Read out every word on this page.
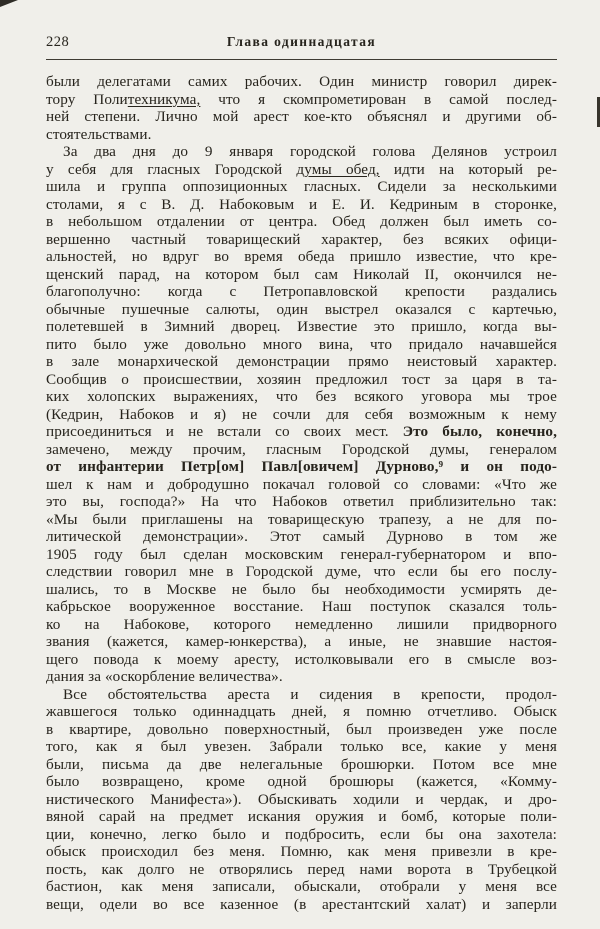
228	Глава одиннадцатая
были делегатами самих рабочих. Один министр говорил дирек-
тору Политехникума, что я скомпрометирован в самой послед-
ней степени. Лично мой арест кое-кто объяснял и другими об-
стоятельствами.
За два дня до 9 января городской голова Делянов устроил
у себя для гласных Городской думы обед, идти на который ре-
шила и группа оппозиционных гласных. Сидели за несколькими
столами, я с В. Д. Набоковым и Е. И. Кедриным в сторонке,
в небольшом отдалении от центра. Обед должен был иметь со-
вершенно частный товарищеский характер, без всяких офици-
альностей, но вдруг во время обеда пришло известие, что кре-
щенский парад, на котором был сам Николай II, окончился не-
благополучно: когда с Петропавловской крепости раздались
обычные пушечные салюты, один выстрел оказался с картечью,
полетевшей в Зимний дворец. Известие это пришло, когда вы-
пито было уже довольно много вина, что придало начавшейся
в зале монархической демонстрации прямо неистовый характер.
Сообщив о происшествии, хозяин предложил тост за царя в та-
ких холопских выражениях, что без всякого уговора мы трое
(Кедрин, Набоков и я) не сочли для себя возможным к нему
присоединиться и не встали со своих мест. Это было, конечно,
замечено, между прочим, гласным Городской думы, генералом
от инфантерии Петр[ом] Павл[овичем] Дурново,⁹ и он подо-
шел к нам и добродушно покачал головой со словами: «Что же
это вы, господа?» На что Набоков ответил приблизительно так:
«Мы были приглашены на товарищескую трапезу, а не для по-
литической демонстрации». Этот самый Дурново в том же
1905 году был сделан московским генерал-губернатором и впо-
следствии говорил мне в Городской думе, что если бы его послу-
шались, то в Москве не было бы необходимости усмирять де-
кабрьское вооруженное восстание. Наш поступок сказался толь-
ко на Набокове, которого немедленно лишили придворного
звания (кажется, камер-юнкерства), а иные, не знавшие настоя-
щего повода к моему аресту, истолковывали его в смысле воз-
дания за «оскорбление величества».
Все обстоятельства ареста и сидения в крепости, продол-
жавшегося только одиннадцать дней, я помню отчетливо. Обыск
в квартире, довольно поверхностный, был произведен уже после
того, как я был увезен. Забрали только все, какие у меня
были, письма да две нелегальные брошюрки. Потом все мне
было возвращено, кроме одной брошюры (кажется, «Комму-
нистического Манифеста»). Обыскивать ходили и чердак, и дро-
вяной сарай на предмет искания оружия и бомб, которые поли-
ции, конечно, легко было и подбросить, если бы она захотела:
обыск происходил без меня. Помню, как меня привезли в кре-
пость, как долго не отворялись перед нами ворота в Трубецкой
бастион, как меня записали, обыскали, отобрали у меня все
вещи, одели во все казенное (в арестантский халат) и заперли
